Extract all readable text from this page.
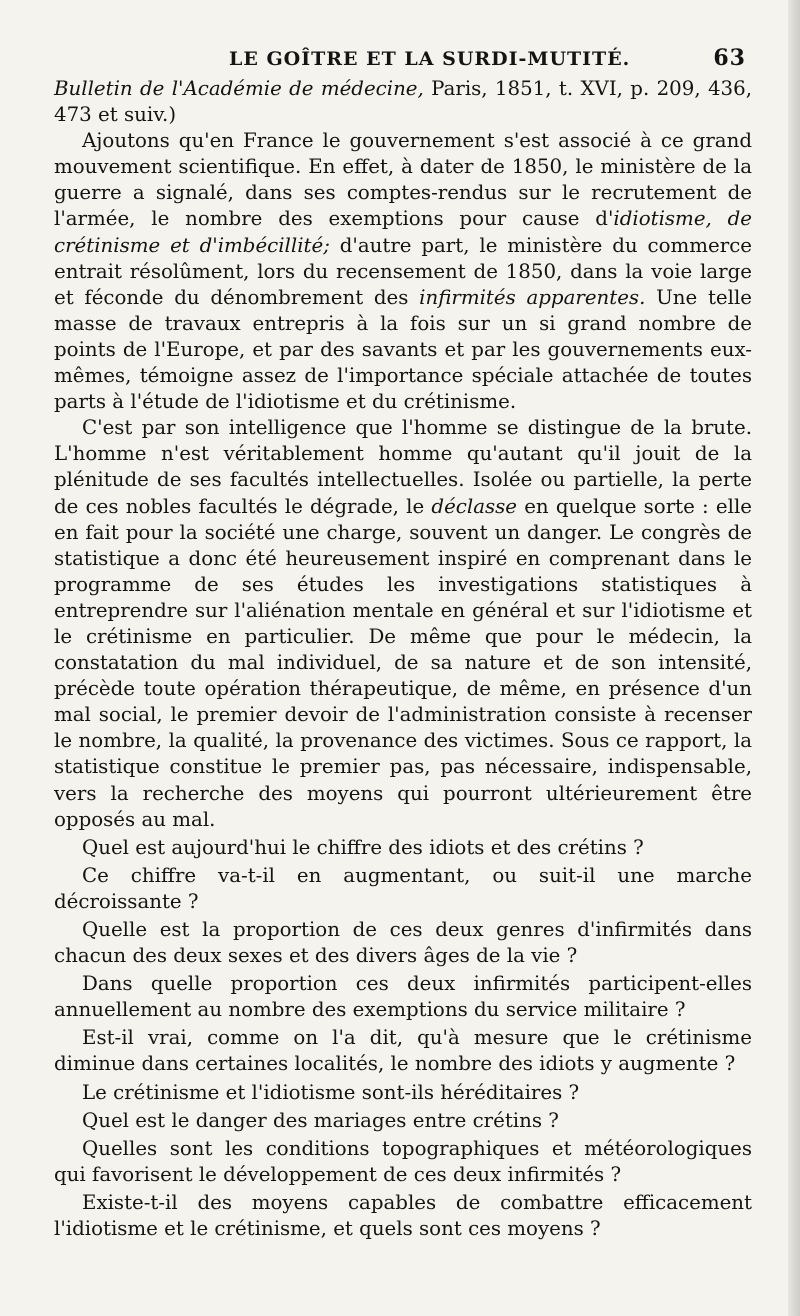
LE GOÎTRE ET LA SURDI-MUTITÉ.	63

Bulletin de l'Académie de médecine, Paris, 1851, t. XVI, p. 209, 436, 473 et suiv.)

Ajoutons qu'en France le gouvernement s'est associé à ce grand mouvement scientifique. En effet, à dater de 1850, le ministère de la guerre a signalé, dans ses comptes-rendus sur le recrutement de l'armée, le nombre des exemptions pour cause d'idiotisme, de crétinisme et d'imbécillité; d'autre part, le ministère du commerce entrait résolûment, lors du recensement de 1850, dans la voie large et féconde du dénombrement des infirmités apparentes. Une telle masse de travaux entrepris à la fois sur un si grand nombre de points de l'Europe, et par des savants et par les gouvernements eux-mêmes, témoigne assez de l'importance spéciale attachée de toutes parts à l'étude de l'idiotisme et du crétinisme.

C'est par son intelligence que l'homme se distingue de la brute. L'homme n'est véritablement homme qu'autant qu'il jouit de la plénitude de ses facultés intellectuelles. Isolée ou partielle, la perte de ces nobles facultés le dégrade, le déclasse en quelque sorte : elle en fait pour la société une charge, souvent un danger. Le congrès de statistique a donc été heureusement inspiré en comprenant dans le programme de ses études les investigations statistiques à entreprendre sur l'aliénation mentale en général et sur l'idiotisme et le crétinisme en particulier. De même que pour le médecin, la constatation du mal individuel, de sa nature et de son intensité, précède toute opération thérapeutique, de même, en présence d'un mal social, le premier devoir de l'administration consiste à recenser le nombre, la qualité, la provenance des victimes. Sous ce rapport, la statistique constitue le premier pas, pas nécessaire, indispensable, vers la recherche des moyens qui pourront ultérieurement être opposés au mal.

Quel est aujourd'hui le chiffre des idiots et des crétins ?

Ce chiffre va-t-il en augmentant, ou suit-il une marche décroissante ?

Quelle est la proportion de ces deux genres d'infirmités dans chacun des deux sexes et des divers âges de la vie ?

Dans quelle proportion ces deux infirmités participent-elles annuellement au nombre des exemptions du service militaire ?

Est-il vrai, comme on l'a dit, qu'à mesure que le crétinisme diminue dans certaines localités, le nombre des idiots y augmente ?

Le crétinisme et l'idiotisme sont-ils héréditaires ?

Quel est le danger des mariages entre crétins ?

Quelles sont les conditions topographiques et météorologiques qui favorisent le développement de ces deux infirmités ?

Existe-t-il des moyens capables de combattre efficacement l'idiotisme et le crétinisme, et quels sont ces moyens ?
